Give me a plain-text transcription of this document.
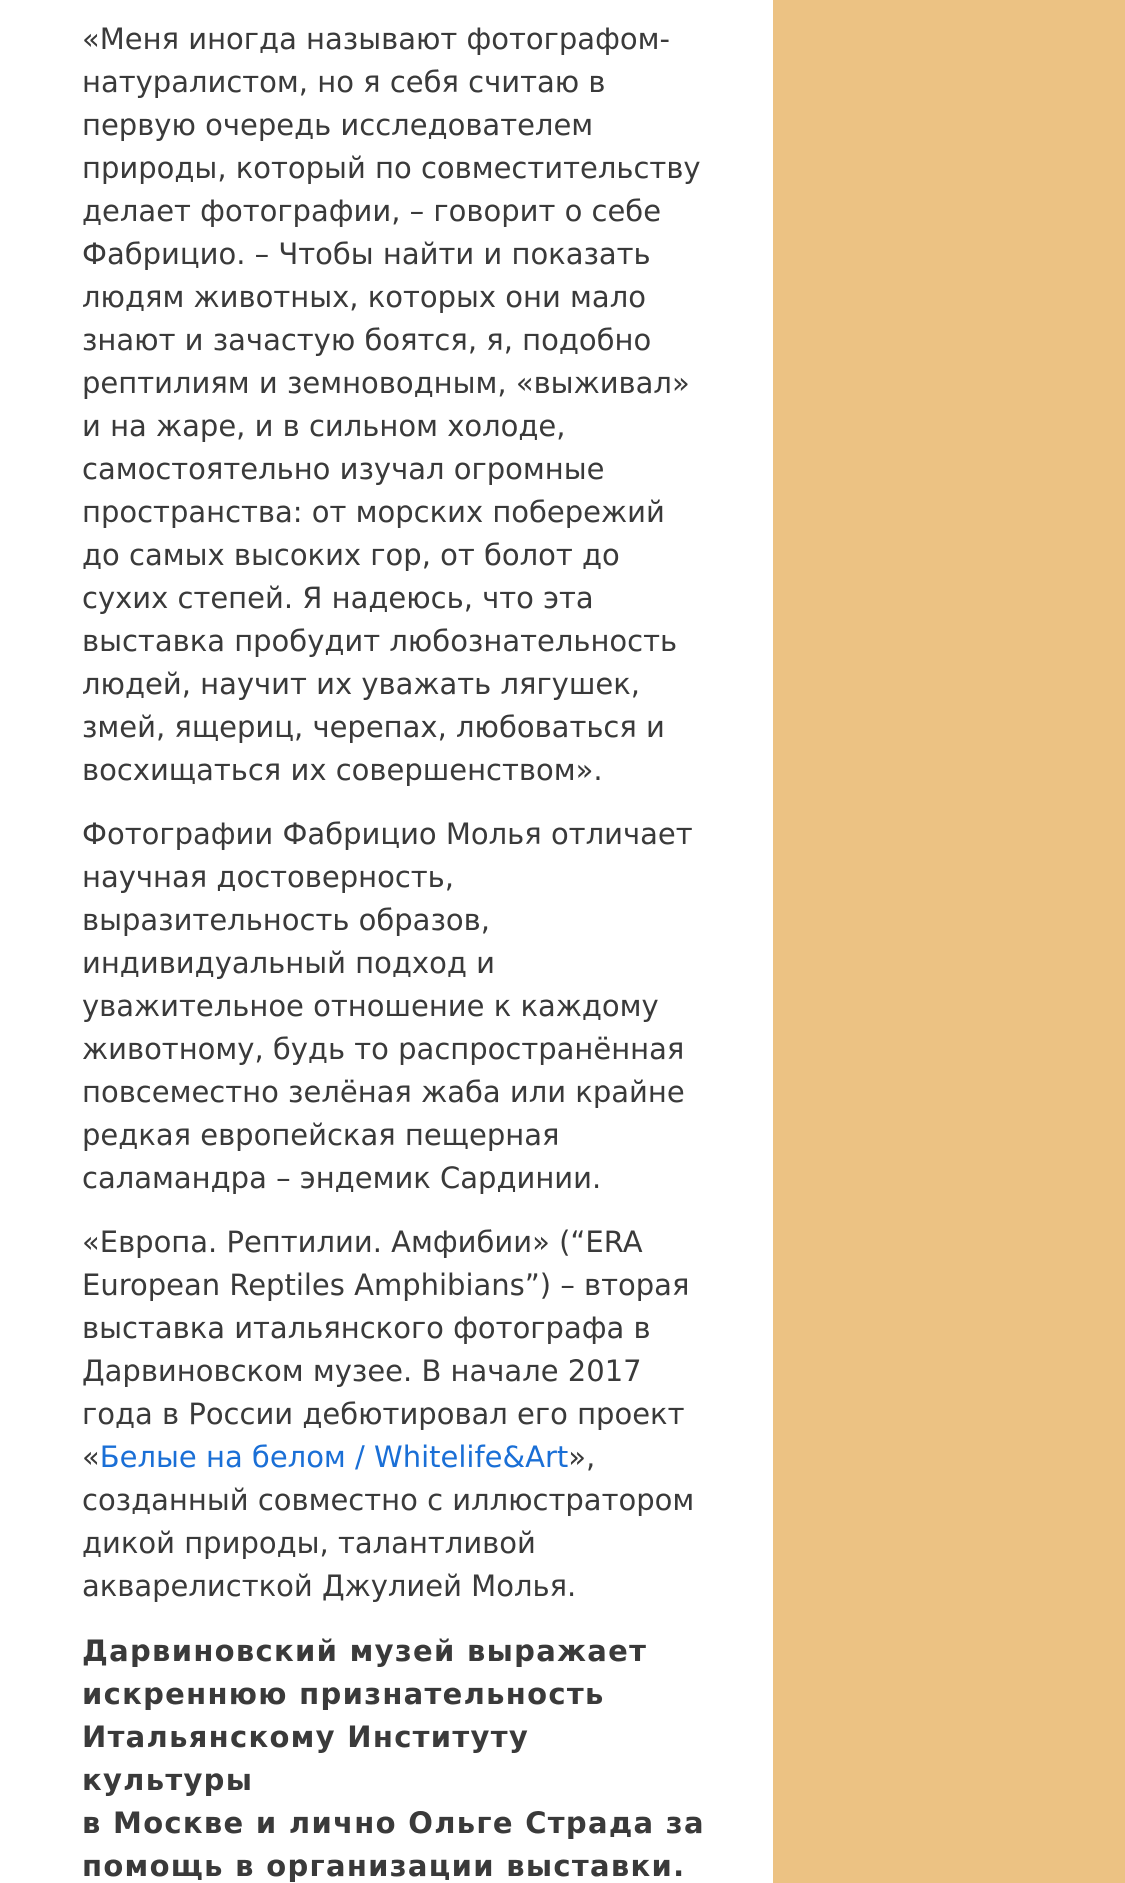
«Меня иногда называют фотографом-
натуралистом, но я себя считаю в
первую очередь исследователем
природы, который по совместительству
делает фотографии, – говорит о себе
Фабрицио. – Чтобы найти и показать
людям животных, которых они мало
знают и зачастую боятся, я, подобно
рептилиям и земноводным, «выживал»
и на жаре, и в сильном холоде,
самостоятельно изучал огромные
пространства: от морских побережий
до самых высоких гор, от болот до
сухих степей. Я надеюсь, что эта
выставка пробудит любознательность
людей, научит их уважать лягушек,
змей, ящериц, черепах, любоваться и
восхищаться их совершенством».

Фотографии Фабрицио Молья отличает
научная достоверность,
выразительность образов,
индивидуальный подход и
уважительное отношение к каждому
животному, будь то распространённая
повсеместно зелёная жаба или крайне
редкая европейская пещерная
саламандра – эндемик Сардинии.

«Европа. Рептилии. Амфибии» (“ERA
European Reptiles Amphibians”) – вторая
выставка итальянского фотографа в
Дарвиновском музее. В начале 2017
года в России дебютировал его проект
«Белые на белом / Whitelife&Art»,
созданный совместно с иллюстратором
дикой природы, талантливой
акварелисткой Джулией Молья.

Дарвиновский музей выражает
искреннюю признательность
Итальянскому Институту культуры
в Москве и лично Ольге Страда за
помощь в организации выставки.
